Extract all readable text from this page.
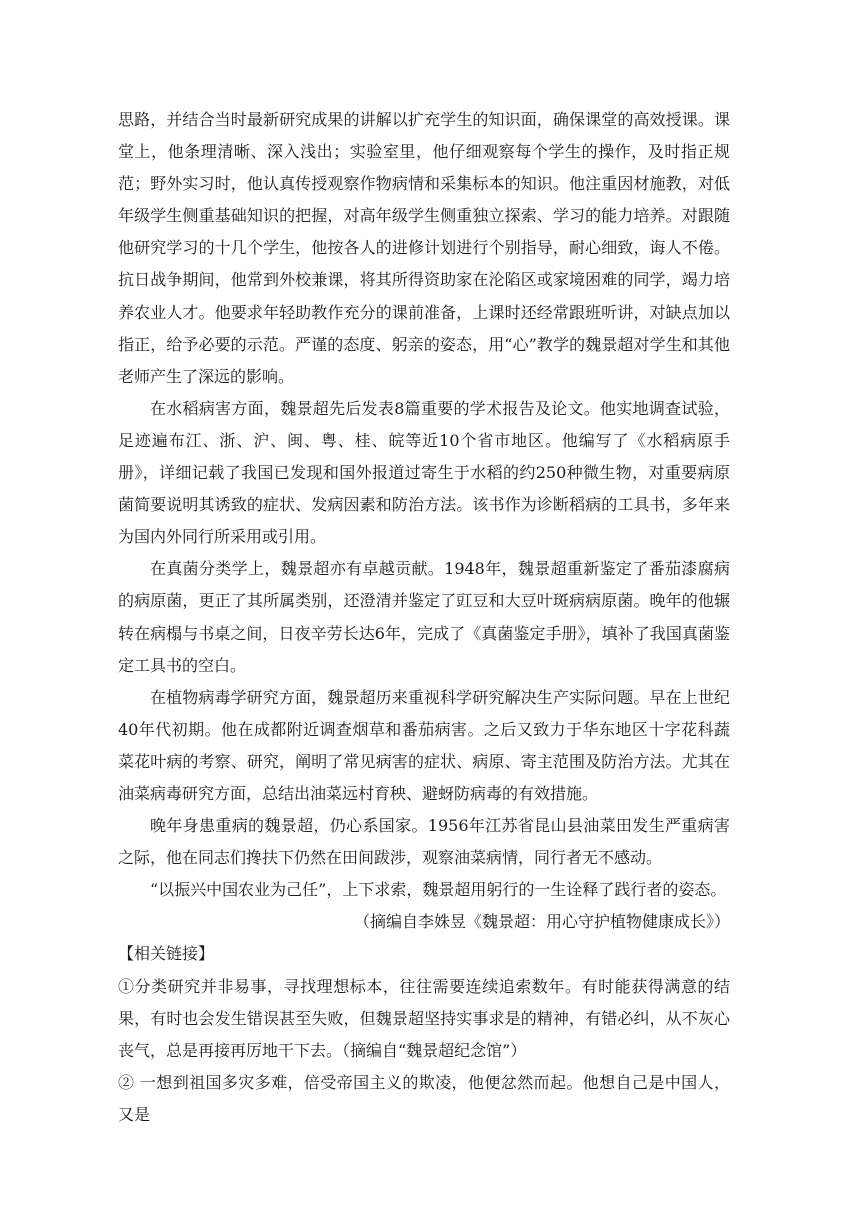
思路，并结合当时最新研究成果的讲解以扩充学生的知识面，确保课堂的高效授课。课堂上，他条理清晰、深入浅出；实验室里，他仔细观察每个学生的操作，及时指正规范；野外实习时，他认真传授观察作物病情和采集标本的知识。他注重因材施教，对低年级学生侧重基础知识的把握，对高年级学生侧重独立探索、学习的能力培养。对跟随他研究学习的十几个学生，他按各人的进修计划进行个别指导，耐心细致，诲人不倦。抗日战争期间，他常到外校兼课，将其所得资助家在沦陷区或家境困难的同学，竭力培养农业人才。他要求年轻助教作充分的课前准备，上课时还经常跟班听讲，对缺点加以指正，给予必要的示范。严谨的态度、躬亲的姿态，用“心”教学的魏景超对学生和其他老师产生了深远的影响。

在水稻病害方面，魏景超先后发表8篇重要的学术报告及论文。他实地调查试验，足迹遍布江、浙、沪、闽、粤、桂、皖等近10个省市地区。他编写了《水稻病原手册》，详细记载了我国已发现和国外报道过寄生于水稻的约250种微生物，对重要病原菌简要说明其诱致的症状、发病因素和防治方法。该书作为诊断稻病的工具书，多年来为国内外同行所采用或引用。

在真菌分类学上，魏景超亦有卓越贡献。1948年，魏景超重新鉴定了番茄漆腐病的病原菌，更正了其所属类别，还澄清并鉴定了豇豆和大豆叶斑病病原菌。晚年的他辗转在病榻与书桌之间，日夜辛劳长达6年，完成了《真菌鉴定手册》，填补了我国真菌鉴定工具书的空白。

在植物病毒学研究方面，魏景超历来重视科学研究解决生产实际问题。早在上世纪40年代初期。他在成都附近调查烟草和番茄病害。之后又致力于华东地区十字花科蔬菜花叶病的考察、研究，阐明了常见病害的症状、病原、寄主范围及防治方法。尤其在油菜病毒研究方面，总结出油菜远村育秧、避蚜防病毒的有效措施。

晚年身患重病的魏景超，仍心系国家。1956年江苏省昆山县油菜田发生严重病害之际，他在同志们搀扶下仍然在田间跋涉，观察油菜病情，同行者无不感动。

“以振兴中国农业为己任”，上下求索，魏景超用躬行的一生诠释了践行者的姿态。

（摘编自李姝昱《魏景超：用心守护植物健康成长》）

【相关链接】

①分类研究并非易事，寻找理想标本，往往需要连续追索数年。有时能获得满意的结果，有时也会发生错误甚至失败，但魏景超坚持实事求是的精神，有错必纠，从不灰心丧气，总是再接再厉地干下去。（摘编自“魏景超纪念馆”）

② 一想到祖国多灾多难，倍受帝国主义的欺凌，他便忿然而起。他想自己是中国人，又是
